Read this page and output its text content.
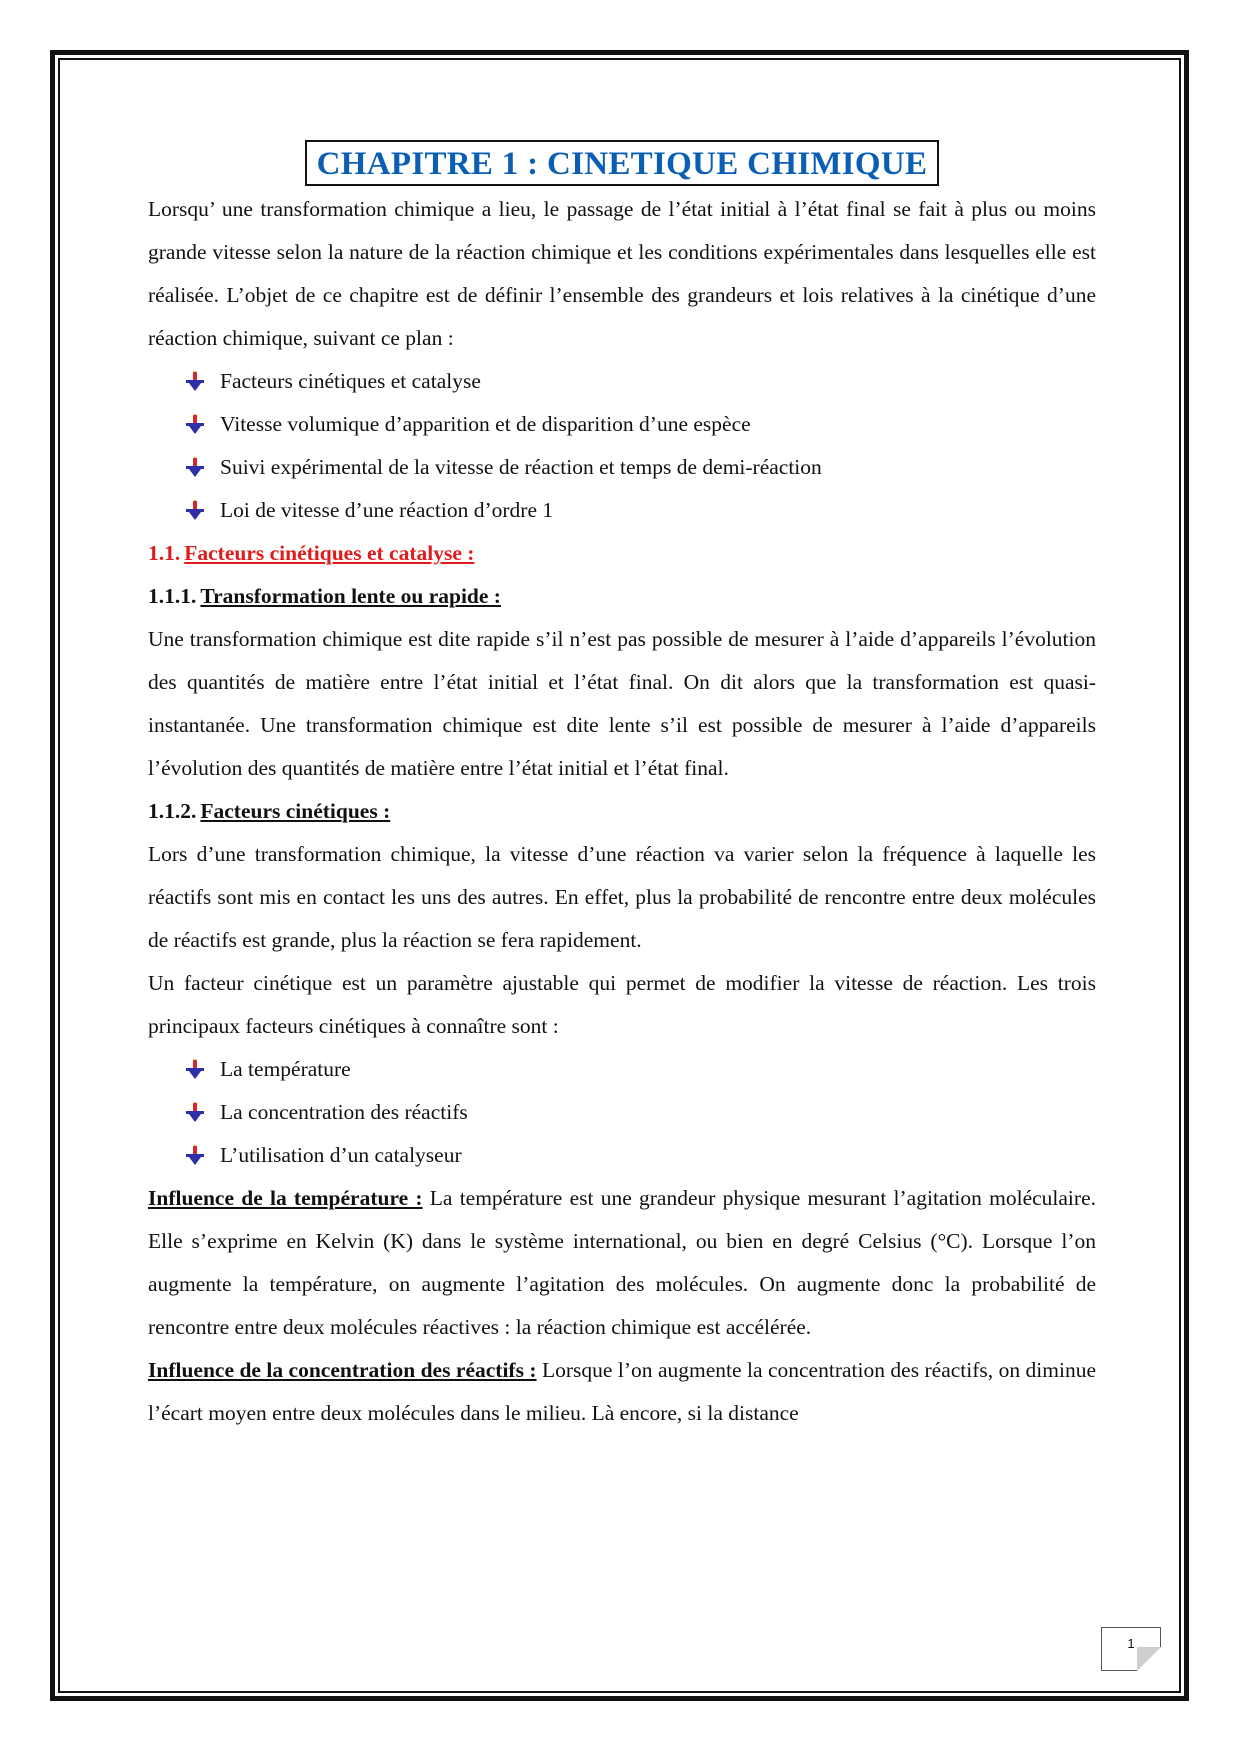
CHAPITRE 1 : CINETIQUE CHIMIQUE

Lorsqu’ une transformation chimique a lieu, le passage de l’état initial à l’état final se fait à plus ou moins grande vitesse selon la nature de la réaction chimique et les conditions expérimentales dans lesquelles elle est réalisée. L’objet de ce chapitre est de définir l’ensemble des grandeurs et lois relatives à la cinétique d’une réaction chimique, suivant ce plan :

Facteurs cinétiques et catalyse
Vitesse volumique d’apparition et de disparition d’une espèce
Suivi expérimental de la vitesse de réaction et temps de demi-réaction
Loi de vitesse d’une réaction d’ordre 1
1.1. Facteurs cinétiques et catalyse :
1.1.1. Transformation lente ou rapide :

Une transformation chimique est dite rapide s’il n’est pas possible de mesurer à l’aide d’appareils l’évolution des quantités de matière entre l’état initial et l’état final. On dit alors que la transformation est quasi-instantanée. Une transformation chimique est dite lente s’il est possible de mesurer à l’aide d’appareils l’évolution des quantités de matière entre l’état initial et l’état final.

1.1.2. Facteurs cinétiques :

Lors d’une transformation chimique, la vitesse d’une réaction va varier selon la fréquence à laquelle les réactifs sont mis en contact les uns des autres. En effet, plus la probabilité de rencontre entre deux molécules de réactifs est grande, plus la réaction se fera rapidement.

Un facteur cinétique est un paramètre ajustable qui permet de modifier la vitesse de réaction. Les trois principaux facteurs cinétiques à connaître sont :

La température
La concentration des réactifs
L’utilisation d’un catalyseur

Influence de la température : La température est une grandeur physique mesurant l’agitation moléculaire. Elle s’exprime en Kelvin (K) dans le système international, ou bien en degré Celsius (°C). Lorsque l’on augmente la température, on augmente l’agitation des molécules. On augmente donc la probabilité de rencontre entre deux molécules réactives : la réaction chimique est accélérée.

Influence de la concentration des réactifs : Lorsque l’on augmente la concentration des réactifs, on diminue l’écart moyen entre deux molécules dans le milieu. Là encore, si la distance

1
